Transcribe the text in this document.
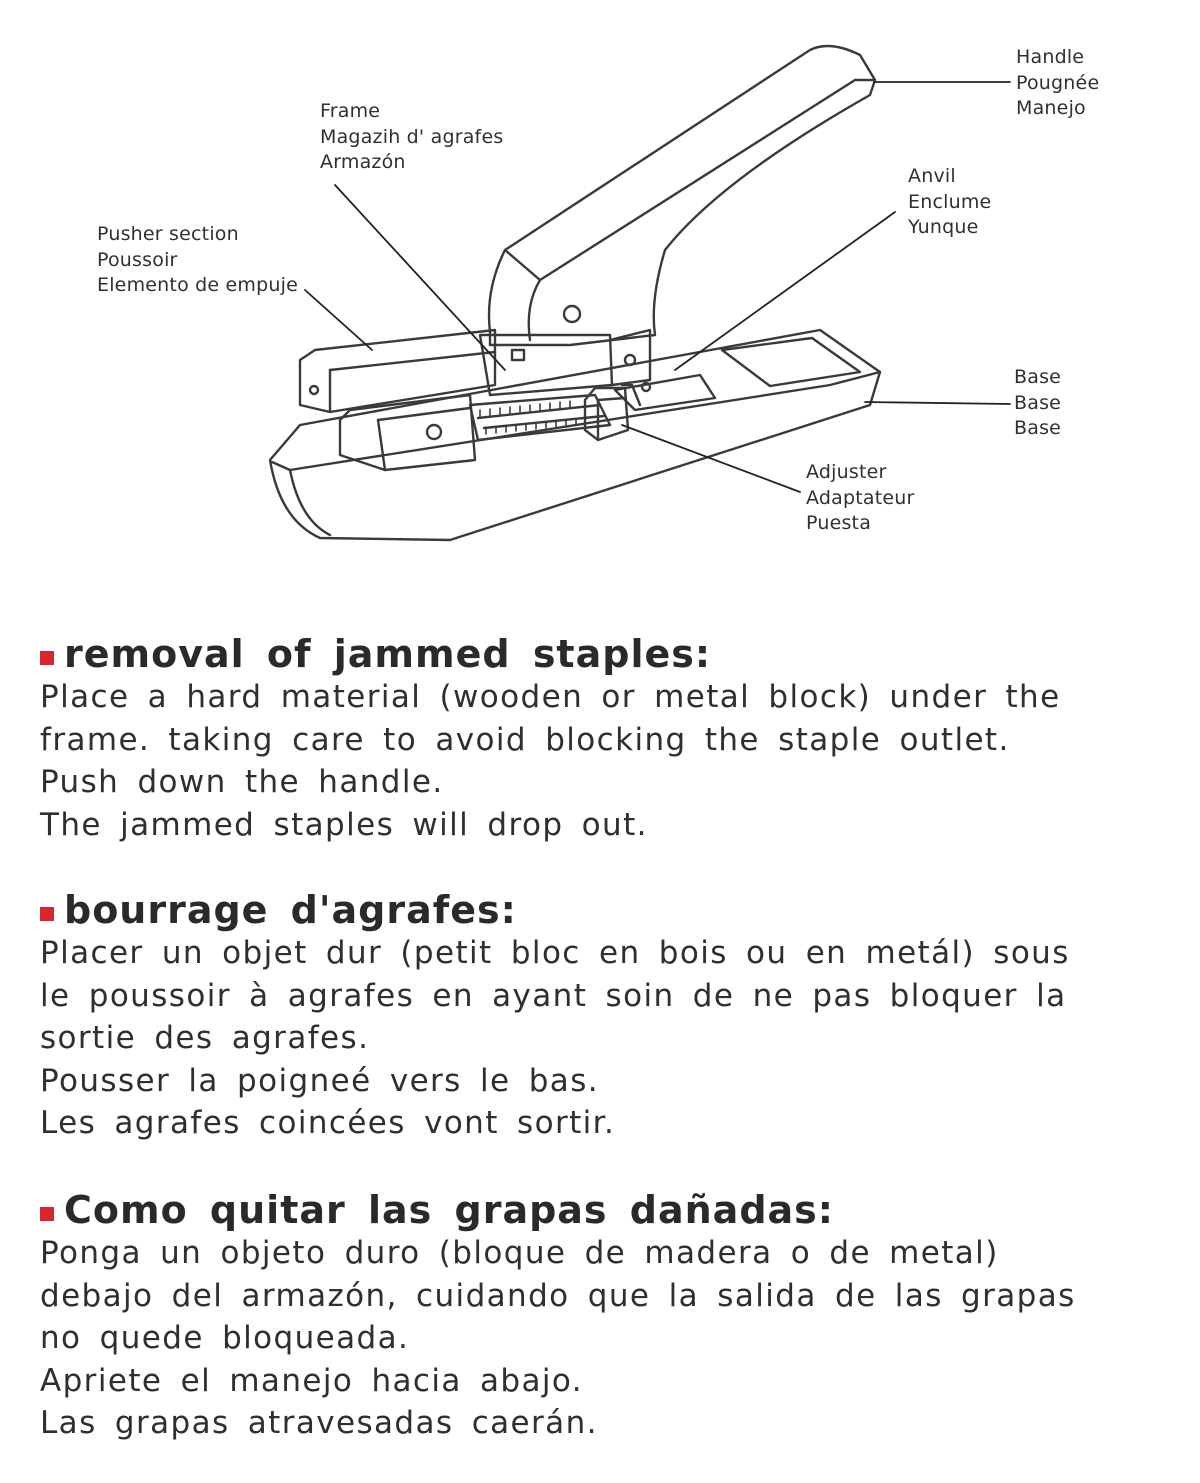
Handle
Pougnée
Manejo
Frame
Magazih d' agrafes
Armazón
Pusher section
Poussoir
Elemento de empuje
Anvil
Enclume
Yunque
Base
Base
Base
Adjuster
Adaptateur
Puesta
removal of jammed staples:
Place a hard material (wooden or metal block) under the
frame. taking care to avoid blocking the staple outlet.
Push down the handle.
The jammed staples will drop out.
bourrage d'agrafes:
Placer un objet dur (petit bloc en bois ou en metál) sous
le poussoir à agrafes en ayant soin de ne pas bloquer la
sortie des agrafes.
Pousser la poigneé vers le bas.
Les agrafes coincées vont sortir.
Como quitar las grapas dañadas:
Ponga un objeto duro (bloque de madera o de metal)
debajo del armazón, cuidando que la salida de las grapas
no quede bloqueada.
Apriete el manejo hacia abajo.
Las grapas atravesadas caerán.
